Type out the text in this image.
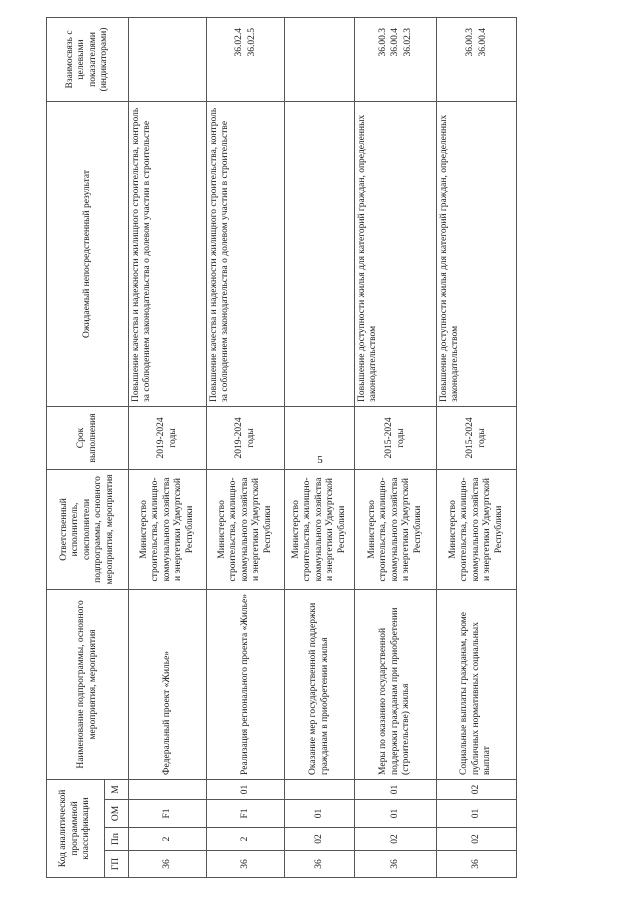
5
Код аналитической программной классификации				Наименование подпрограммы, основного мероприятия, мероприятия	Ответственный исполнитель, соисполнители подпрограммы, основного мероприятия, мероприятия	Срок выполнения	Ожидаемый непосредственный результат	Взаимосвязь с целевыми показателями (индикаторами)
ГП	Пп	ОМ	М					
36	2	F1		Федеральный проект «Жилье»	Министерство строительства, жилищно-коммунального хозяйства и энергетики Удмуртской Республики	2019-2024 годы	Повышение качества и надежности жилищного строительства, контроль за соблюдением законодательства о долевом участии в строительстве	
36	2	F1	01	Реализация регионального проекта «Жилье»	Министерство строительства, жилищно-коммунального хозяйства и энергетики Удмуртской Республики	2019-2024 годы	Повышение качества и надежности жилищного строительства, контроль за соблюдением законодательства о долевом участии в строительстве	36.02.4 36.02.5

36	02	01		Оказание мер государственной поддержки гражданам в приобретении жилья	Министерство строительства, жилищно-коммунального хозяйства и энергетики Удмуртской Республики			
36	02	01	01	Меры по оказанию государственной поддержки гражданам при приобретении (строительстве) жилья	Министерство строительства, жилищно-коммунального хозяйства и энергетики Удмуртской Республики	2015-2024 годы	Повышение доступности жилья для категорий граждан, определенных законодательством	36.00.3 36.00.4 36.02.3

36	02	01	02	Социальные выплаты гражданам, кроме публичных нормативных социальных выплат	Министерство строительства, жилищно-коммунального хозяйства и энергетики Удмуртской Республики	2015-2024 годы	Повышение доступности жилья для категорий граждан, определенных законодательством	36.00.3 36.00.4
